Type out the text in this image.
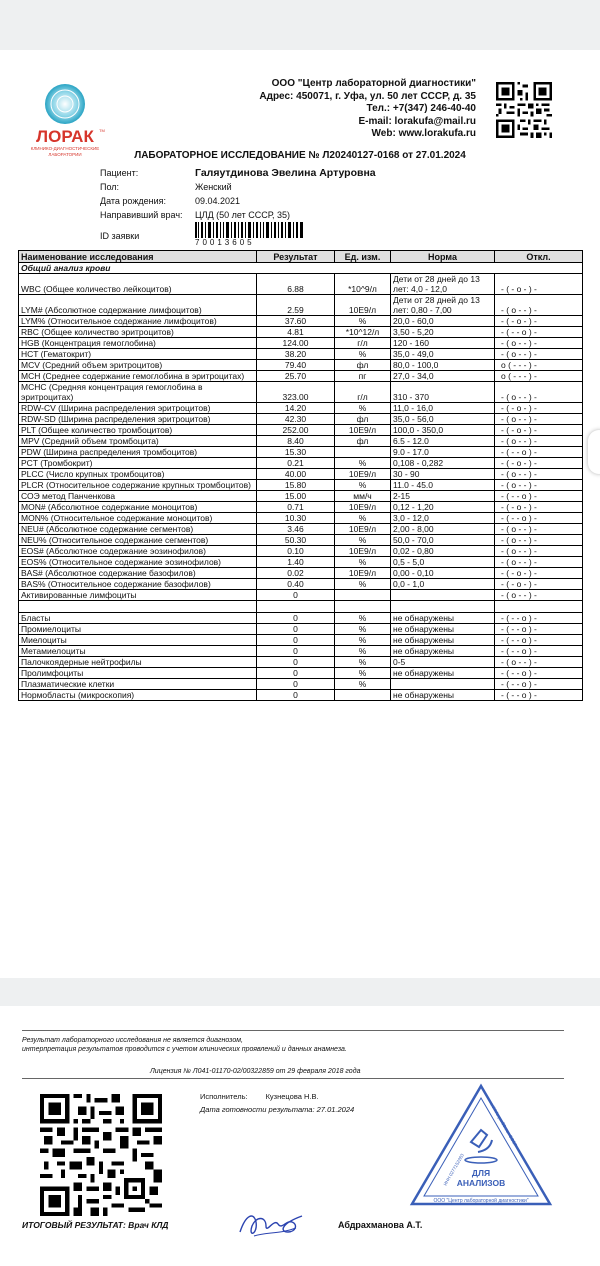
ЛОРАК TM
КЛИНИКО-ДИАГНОСТИЧЕСКИЕ
ЛАБОРАТОРИИ
ООО "Центр лабораторной диагностики"
Адрес: 450071, г. Уфа, ул. 50 лет СССР, д. 35
Тел.: +7(347) 246-40-40
E-mail: lorakufa@mail.ru
Web: www.lorakufa.ru
ЛАБОРАТОРНОЕ ИССЛЕДОВАНИЕ № Л20240127-0168 от 27.01.2024
Пациент:	Галяутдинова Эвелина Артуровна
Пол:	Женский
Дата рождения:	09.04.2021
Направивший врач:	ЦЛД (50 лет СССР, 35)
ID заявки
70013605
Наименование исследования	Результат	Ед. изм.	Норма	Откл.
Общий анализ крови				
WBC (Общее количество лейкоцитов)	6.88	*10^9/л	Дети от 28 дней до 13 лет: 4,0 - 12,0	- ( - о - ) -
LYM# (Абсолютное содержание лимфоцитов)	2.59	10Е9/л	Дети от 28 дней до 13 лет: 0,80 - 7,00	- ( о - - ) -
LYM% (Относительное содержание лимфоцитов)	37.60	%	20,0 - 60,0	- ( - о - ) -
RBC (Общее количество эритроцитов)	4.81	*10^12/л	3,50 - 5,20	- ( - - о ) -
HGB (Концентрация гемоглобина)	124.00	г/л	120 - 160	- ( о - - ) -
HCT (Гематокрит)	38.20	%	35,0 - 49,0	- ( о - - ) -
MCV (Средний объем эритроцитов)	79.40	фл	80,0 - 100,0	о ( - - - ) -
MCH (Среднее содержание гемоглобина в эритроцитах)	25.70	пг	27,0 - 34,0	о ( - - - ) -
MCHC (Средняя концентрация гемоглобина в эритроцитах)	323.00	г/л	310 - 370	- ( о - - ) -
RDW-CV (Ширина распределения эритроцитов)	14.20	%	11,0 - 16,0	- ( - о - ) -
RDW-SD (Ширина распределения эритроцитов)	42.30	фл	35,0 - 56,0	- ( о - - ) -
PLT (Общее количество тромбоцитов)	252.00	10Е9/л	100,0 - 350,0	- ( - о - ) -
MPV (Средний объем тромбоцита)	8.40	фл	6.5 - 12.0	- ( о - - ) -
PDW (Ширина распределения тромбоцитов)	15.30		9.0 - 17.0	- ( - - о ) -
PCT (Тромбокрит)	0.21	%	0,108 - 0,282	- ( - о - ) -
PLCC (Число крупных тромбоцитов)	40.00	10Е9/л	30 - 90	- ( о - - ) -
PLCR (Относительное содержание крупных тромбоцитов)	15.80	%	11.0 - 45.0	- ( о - - ) -
СОЭ метод Панченкова	15.00	мм/ч	2-15	- ( - - о ) -
MON# (Абсолютное содержание моноцитов)	0.71	10Е9/л	0,12 - 1,20	- ( - о - ) -
MON% (Относительное содержание моноцитов)	10.30	%	3,0 - 12,0	- ( - - о ) -
NEU# (Абсолютное содержание сегментов)	3.46	10Е9/л	2,00 - 8,00	- ( о - - ) -
NEU% (Относительное содержание сегментов)	50.30	%	50,0 - 70,0	- ( о - - ) -
EOS# (Абсолютное содержание эозинофилов)	0.10	10Е9/л	0,02 - 0,80	- ( о - - ) -
EOS% (Относительное содержание эозинофилов)	1.40	%	0,5 - 5,0	- ( о - - ) -
BAS# (Абсолютное содержание базофилов)	0.02	10Е9/л	0,00 - 0,10	- ( - о - ) -
BAS% (Относительное содержание базофилов)	0.40	%	0,0 - 1,0	- ( - о - ) -
Активированные лимфоциты	0			- ( о - - ) -

Бласты	0	%	не обнаружены	- ( - - о ) -
Промиелоциты	0	%	не обнаружены	- ( - - о ) -
Миелоциты	0	%	не обнаружены	- ( - - о ) -
Метамиелоциты	0	%	не обнаружены	- ( - - о ) -
Палочкоядерные нейтрофилы	0	%	0-5	- ( о - - ) -
Пролимфоциты	0	%	не обнаружены	- ( - - о ) -
Плазматические клетки	0	%		- ( - - о ) -
Нормобласты (микроскопия)	0		не обнаружены	- ( - - о ) -
Результат лабораторного исследования не является диагнозом,
интерпретация результатов проводится с учетом клинических проявлений и данных анамнеза.
Лицензия № Л041-01170-02/00322859 от 29 февраля 2018 года
Исполнитель: Кузнецова Н.В.
Дата готовности результата: 27.01.2024
ДЛЯ
АНАЛИЗОВ
ООО "Центр лабораторной диагностики"
ИНН 0277152263
г. УФА, ул. 50 лет СССР
ИТОГОВЫЙ РЕЗУЛЬТАТ: Врач КЛД	Абдрахманова А.Т.
